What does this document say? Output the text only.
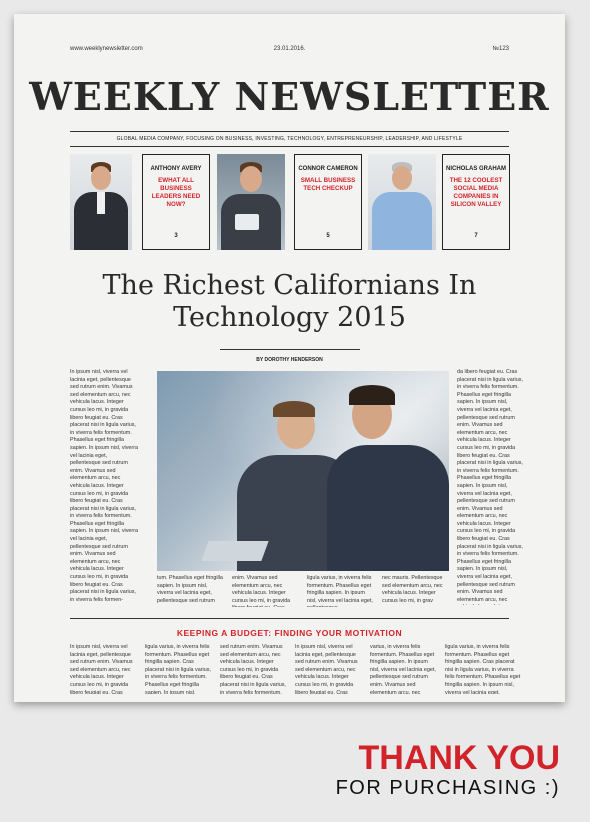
www.weeklynewsletter.com	23.01.2016.	№123
WEEKLY NEWSLETTER
GLOBAL MEDIA COMPANY, FOCUSING ON BUSINESS, INVESTING, TECHNOLOGY, ENTREPRENEURSHIP, LEADERSHIP, AND LIFESTYLE
ANTHONY AVERY
EWHAT ALL BUSINESS LEADERS NEED NOW?
3
CONNOR CAMERON
SMALL BUSINESS TECH CHECKUP
5
NICHOLAS GRAHAM
THE 12 COOLEST SOCIAL MEDIA COMPANIES IN SILICON VALLEY
7
The Richest Californians In
Technology 2015
BY DOROTHY HENDERSON

In ipsum nisl, viverra vel lacinia eget, pellentesque sed rutrum enim. Vivamus sed elementum arcu, nec vehicula lacus. Integer cursus leo mi, in gravida libero feugiat eu. Cras placerat nisi in ligula varius, in viverra felis formentum. Phasellus eget fringilla sapien. In ipsum nisl, viverra vel lacinia eget, pellentesque sed rutrum enim. Vivamus sed elementum arcu, nec vehicula lacus. Integer cursus leo mi, in gravida libero feugiat eu. Cras placerat nisi in ligula varius, in viverra felis formentum. Phasellus eget fringilla sapien. In ipsum nisl, viverra vel lacinia eget, pellentesque sed rutrum enim. Vivamus sed elementum arcu, nec vehicula lacus. Integer cursus leo mi, in gravida libero feugiat eu. Cras placerat nisi in ligula varius, in viverra felis formen-

da libero feugiat eu. Cras placerat nisi in ligula varius, in viverra felis formentum. Phasellus eget fringilla sapien. In ipsum nisl, viverra vel lacinia eget, pellentesque sed rutrum enim. Vivamus sed elementum arcu, nec vehicula lacus. Integer cursus leo mi, in gravida libero feugiat eu. Cras placerat nisi in ligula varius, in viverra felis formentum. Phasellus eget fringilla sapien. In ipsum nisl, viverra vel lacinia eget, pellentesque sed rutrum enim. Vivamus sed elementum arcu, nec vehicula lacus. Integer cursus leo mi, in gravida libero feugiat eu. Cras placerat nisi in ligula varius, in viverra felis formentum. Phasellus eget fringilla sapien. In ipsum nisl, viverra vel lacinia eget, pellentesque sed rutrum enim. Vivamus sed elementum arcu, nec

tum. Phasellus eget fringilla sapien. In ipsum nisl, viverra vel lacinia eget, pellentesque sed rutrum

enim. Vivamus sed elementum arcu, nec vehicula lacus. Integer cursus leo mi, in gravida

ligula varius, in viverra felis formentum. Phasellus eget fringilla sapien. In ipsum nisl, viverra vel lacinia eget,

nec mauris. Pellentesque sed elementum arcu, nec vehicula lacus. Integer cursus leo mi, in grav

KEEPING A BUDGET: FINDING YOUR MOTIVATION

In ipsum nisl, viverra vel lacinia eget, pellentesque sed rutrum enim. Vivamus sed elementum arcu, nec vehicula lacus. Integer cursus leo mi, in gravida libero feugiat eu. Cras

ligula varius, in viverra felis formentum. Phasellus eget fringilla sapien. Cras placerat nisi in ligula varius, in viverra felis formentum. Phasellus eget fringilla sapien. In ipsum nisl,

sed rutrum enim. Vivamus sed elementum arcu, nec vehicula lacus. Integer cursus leo mi, in gravida libero feugiat eu. Cras placerat nisi in ligula varius, in viverra felis formentum.

In ipsum nisl, viverra vel lacinia eget, pellentesque sed rutrum enim. Vivamus sed elementum arcu, nec vehicula lacus. Integer cursus leo mi, in gravida libero feugiat eu. Cras

varius, in viverra felis formentum. Phasellus eget fringilla sapien. In ipsum nisl, viverra vel lacinia eget, pellentesque sed rutrum enim. Vivamus sed elementum arcu, nec

ligula varius, in viverra felis formentum. Phasellus eget fringilla sapien. Cras placerat nisi in ligula varius, in viverra felis formentum. Phasellus eget fringilla sapien. In ipsum nisl, viverra vel lacinia eget,

THANK YOU
FOR PURCHASING :)
